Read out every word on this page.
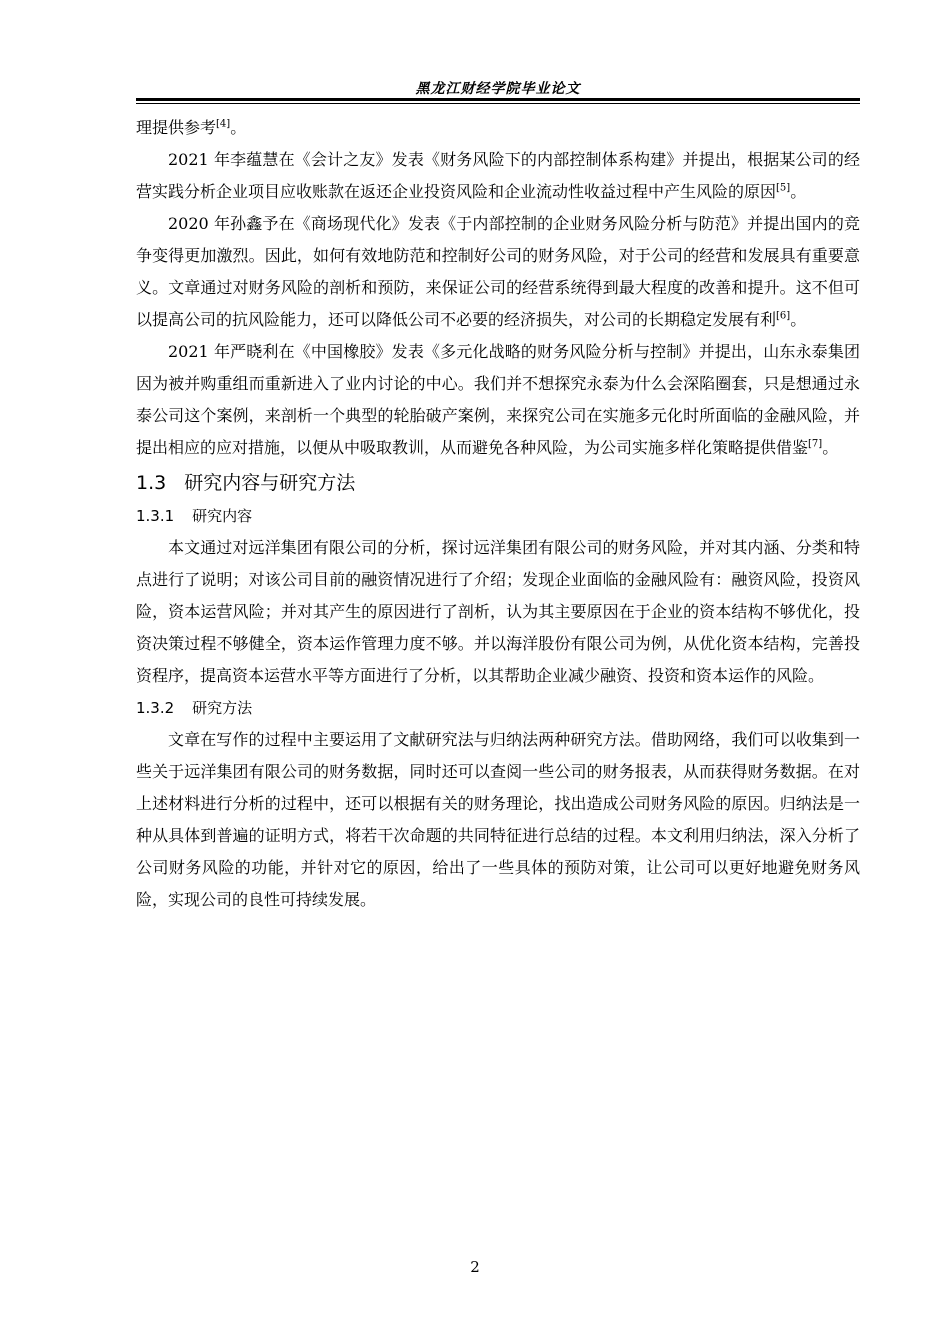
黑龙江财经学院毕业论文

理提供参考[4]。

2021 年李蕴慧在《会计之友》发表《财务风险下的内部控制体系构建》并提出，根据某公司的经营实践分析企业项目应收账款在返还企业投资风险和企业流动性收益过程中产生风险的原因[5]。

2020 年孙鑫予在《商场现代化》发表《于内部控制的企业财务风险分析与防范》并提出国内的竞争变得更加激烈。因此，如何有效地防范和控制好公司的财务风险，对于公司的经营和发展具有重要意义。文章通过对财务风险的剖析和预防，来保证公司的经营系统得到最大程度的改善和提升。这不但可以提高公司的抗风险能力，还可以降低公司不必要的经济损失，对公司的长期稳定发展有利[6]。

2021 年严晓利在《中国橡胶》发表《多元化战略的财务风险分析与控制》并提出，山东永泰集团因为被并购重组而重新进入了业内讨论的中心。我们并不想探究永泰为什么会深陷圈套，只是想通过永泰公司这个案例，来剖析一个典型的轮胎破产案例，来探究公司在实施多元化时所面临的金融风险，并提出相应的应对措施，以便从中吸取教训，从而避免各种风险，为公司实施多样化策略提供借鉴[7]。

1.3 研究内容与研究方法
1.3.1 研究内容

本文通过对远洋集团有限公司的分析，探讨远洋集团有限公司的财务风险，并对其内涵、分类和特点进行了说明；对该公司目前的融资情况进行了介绍；发现企业面临的金融风险有：融资风险，投资风险，资本运营风险；并对其产生的原因进行了剖析，认为其主要原因在于企业的资本结构不够优化，投资决策过程不够健全，资本运作管理力度不够。并以海洋股份有限公司为例，从优化资本结构，完善投资程序，提高资本运营水平等方面进行了分析，以其帮助企业减少融资、投资和资本运作的风险。

1.3.2 研究方法

文章在写作的过程中主要运用了文献研究法与归纳法两种研究方法。借助网络，我们可以收集到一些关于远洋集团有限公司的财务数据，同时还可以查阅一些公司的财务报表，从而获得财务数据。在对上述材料进行分析的过程中，还可以根据有关的财务理论，找出造成公司财务风险的原因。归纳法是一种从具体到普遍的证明方式，将若干次命题的共同特征进行总结的过程。本文利用归纳法，深入分析了公司财务风险的功能，并针对它的原因，给出了一些具体的预防对策，让公司可以更好地避免财务风险，实现公司的良性可持续发展。

2
